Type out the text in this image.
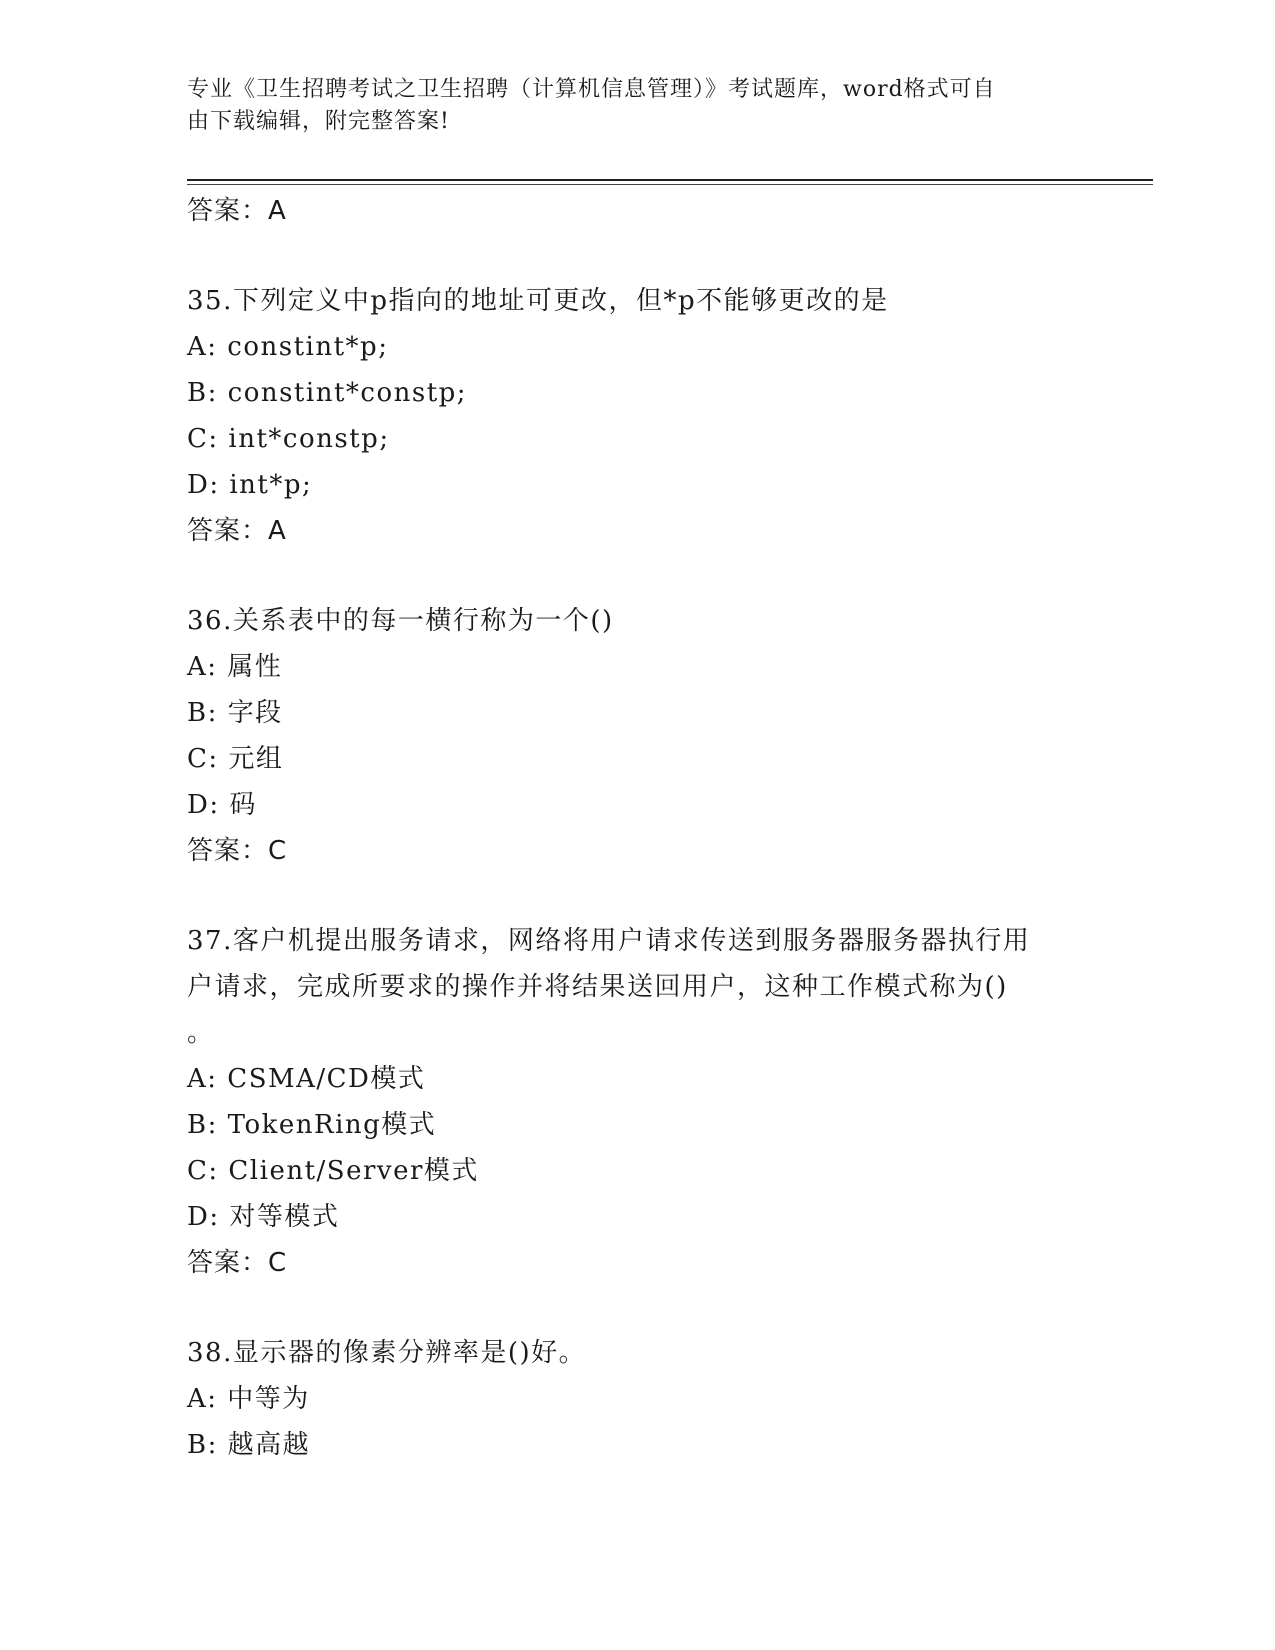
专业《卫生招聘考试之卫生招聘（计算机信息管理）》考试题库，word格式可自
由下载编辑，附完整答案!
答案：A
35.下列定义中p指向的地址可更改，但*p不能够更改的是
A: constint*p;
B: constint*constp;
C: int*constp;
D: int*p;
答案：A
36.关系表中的每一横行称为一个()
A: 属性
B: 字段
C: 元组
D: 码
答案：C
37.客户机提出服务请求，网络将用户请求传送到服务器服务器执行用
户请求，完成所要求的操作并将结果送回用户，这种工作模式称为()
。
A: CSMA/CD模式
B: TokenRing模式
C: Client/Server模式
D: 对等模式
答案：C
38.显示器的像素分辨率是()好。
A: 中等为
B: 越高越
